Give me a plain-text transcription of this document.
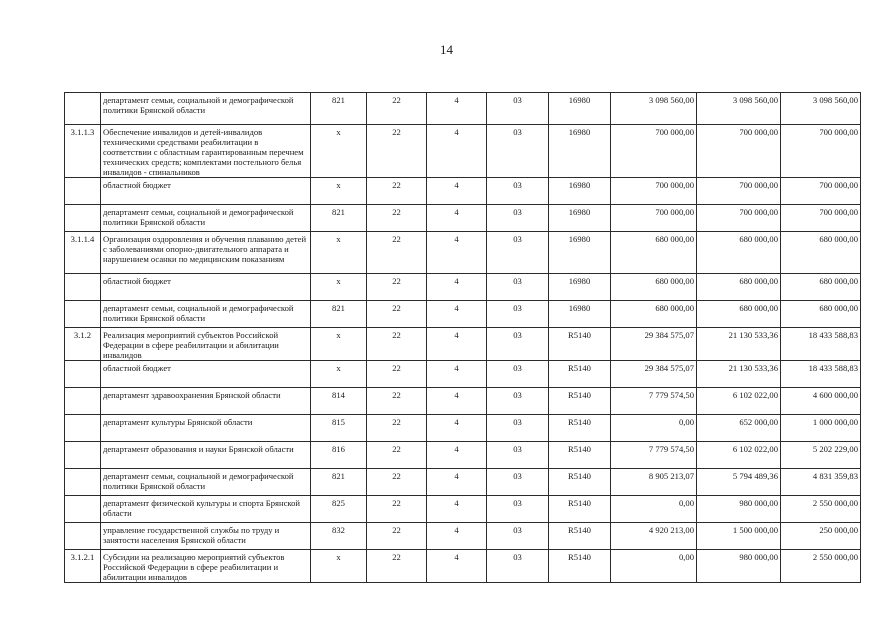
14
	департамент семьи, социальной и демографической политики Брянской области	821	22	4	03	16980	3 098 560,00	3 098 560,00	3 098 560,00
3.1.1.3	Обеспечение инвалидов и детей-инвалидов техническими средствами реабилитации в соответствии с областным гарантированным перечнем технических средств; комплектами постельного белья инвалидов - спинальников	x	22	4	03	16980	700 000,00	700 000,00	700 000,00
	областной бюджет	x	22	4	03	16980	700 000,00	700 000,00	700 000,00
	департамент семьи, социальной и демографической политики Брянской области	821	22	4	03	16980	700 000,00	700 000,00	700 000,00
3.1.1.4	Организация оздоровления и обучения плаванию детей с заболеваниями опорно-двигательного аппарата и нарушением осанки по медицинским показаниям	x	22	4	03	16980	680 000,00	680 000,00	680 000,00
	областной бюджет	x	22	4	03	16980	680 000,00	680 000,00	680 000,00
	департамент семьи, социальной и демографической политики Брянской области	821	22	4	03	16980	680 000,00	680 000,00	680 000,00
3.1.2	Реализация мероприятий субъектов Российской Федерации в сфере реабилитации и абилитации инвалидов	x	22	4	03	R5140	29 384 575,07	21 130 533,36	18 433 588,83
	областной бюджет	x	22	4	03	R5140	29 384 575,07	21 130 533,36	18 433 588,83
	департамент здравоохранения Брянской области	814	22	4	03	R5140	7 779 574,50	6 102 022,00	4 600 000,00
	департамент культуры Брянской области	815	22	4	03	R5140	0,00	652 000,00	1 000 000,00
	департамент образования и науки Брянской области	816	22	4	03	R5140	7 779 574,50	6 102 022,00	5 202 229,00
	департамент семьи, социальной и демографической политики Брянской области	821	22	4	03	R5140	8 905 213,07	5 794 489,36	4 831 359,83
	департамент физической культуры и спорта Брянской области	825	22	4	03	R5140	0,00	980 000,00	2 550 000,00
	управление государственной службы по труду и занятости населения Брянской области	832	22	4	03	R5140	4 920 213,00	1 500 000,00	250 000,00
3.1.2.1	Субсидии на реализацию мероприятий субъектов Российской Федерации в сфере реабилитации и абилитации инвалидов	x	22	4	03	R5140	0,00	980 000,00	2 550 000,00
